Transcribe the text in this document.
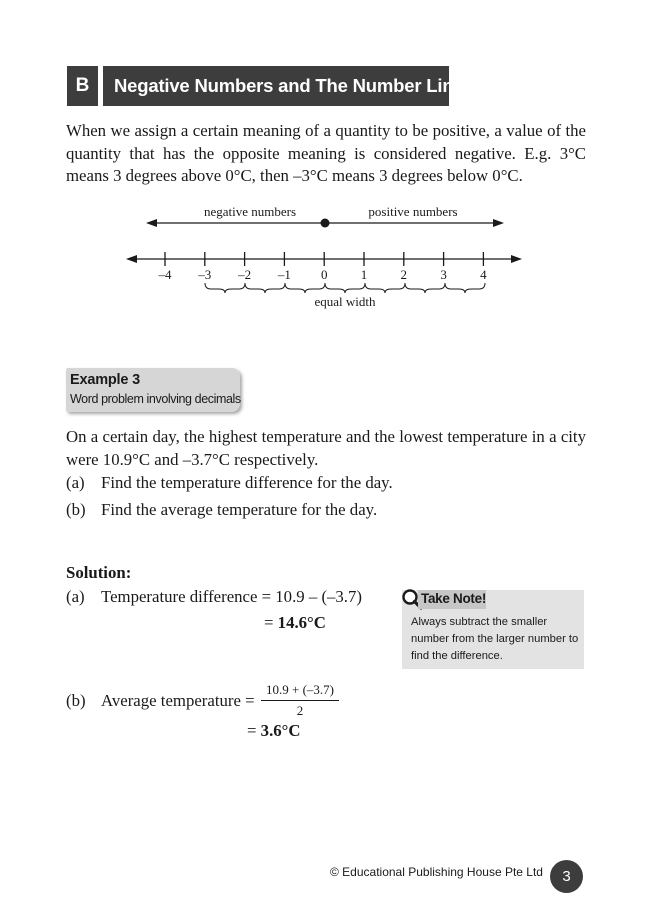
B	Negative Numbers and The Number Line

When we assign a certain meaning of a quantity to be positive, a value of the quantity that has the opposite meaning is considered negative. E.g. 3°C means 3 degrees above 0°C, then –3°C means 3 degrees below 0°C.

negative numbers	positive numbers
–4 –3 –2 –1 0	1	2	3	4
equal width
Example 3
Word problem involving decimals

On a certain day, the highest temperature and the lowest temperature in a city were 10.9°C and –3.7°C respectively.

(a) Find the temperature difference for the day.
(b) Find the average temperature for the day.
Solution:
(a) Temperature difference = 10.9 – (–3.7)
= 14.6°C
(b) Average temperature = $\frac{10.9 + (-3.7)}{2}$
= 3.6°C
Take Note!
Always subtract the smaller number from the larger number to find the difference.
© Educational Publishing House Pte Ltd	3
